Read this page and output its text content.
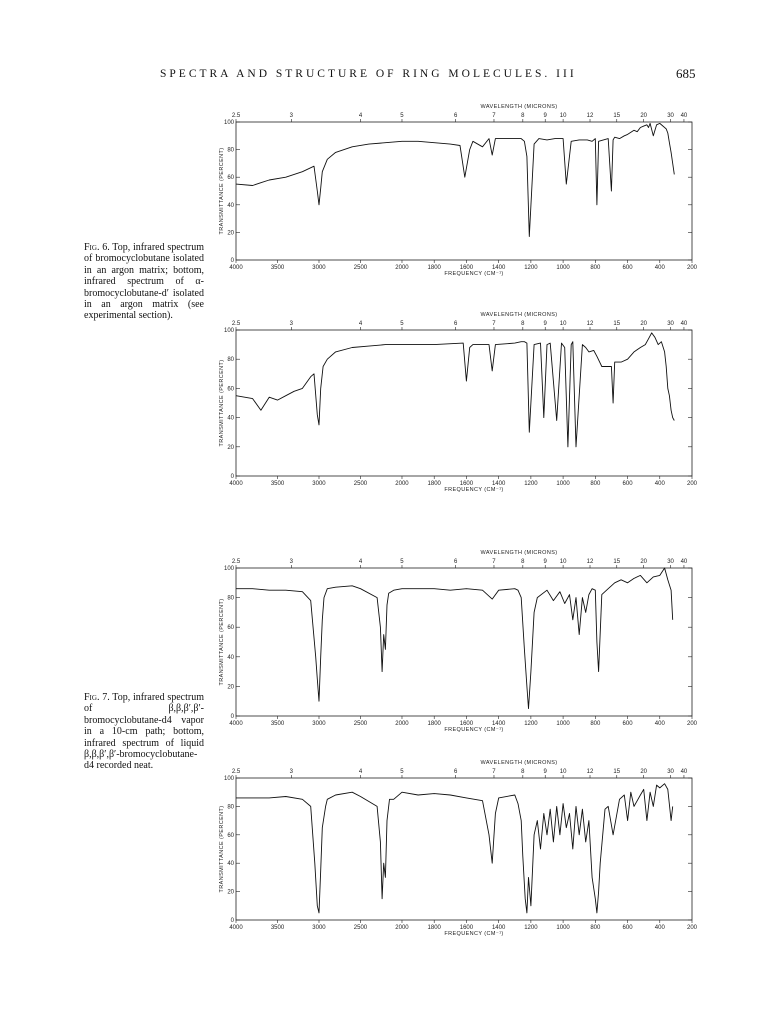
SPECTRA AND STRUCTURE OF RING MOLECULES. III	685
WAVELENGTH (MICRONS)
2.5	3	4	5	6	7	8	9 10	12	15	20	30 40
4000	3500	3000	2500	2000	1800	1600	1400	1200	1000	800	600	400	200
FREQUENCY (CM⁻¹)
100
80
60
40
20
0
TRANSMITTANCE (PERCENT)
WAVELENGTH (MICRONS)
2.5	3	4	5	6	7	8	9 10	12	15	20	30 40
4000	3500	3000	2500	2000	1800	1600	1400	1200	1000	800	600	400	200
FREQUENCY (CM⁻¹)
100
80
60
40
20
0
TRANSMITTANCE (PERCENT)
WAVELENGTH (MICRONS)
2.5	3	4	5	6	7	8	9 10	12	15	20	30 40
4000	3500	3000	2500	2000	1800	1600	1400	1200	1000	800	600	400	200
FREQUENCY (CM⁻¹)
100
80
60
40
20
0
TRANSMITTANCE (PERCENT)
WAVELENGTH (MICRONS)
2.5	3	4	5	6	7	8	9 10	12	15	20	30 40
4000	3500	3000	2500	2000	1800	1600	1400	1200	1000	800	600	400	200
FREQUENCY (CM⁻¹)
100
80
60
40
20
0
TRANSMITTANCE (PERCENT)
Fig. 6. Top, infrared spectrum of bromocyclobutane isolated in an argon matrix; bottom, infrared spectrum of α-bromocyclobutane-d′ isolated in an argon matrix (see experimental section).
Fig. 7. Top, infrared spectrum of β,β,β′,β′-bromocyclobutane-d4 vapor in a 10-cm path; bottom, infrared spectrum of liquid β,β,β′,β′-bromocyclobutane-d4 recorded neat.
